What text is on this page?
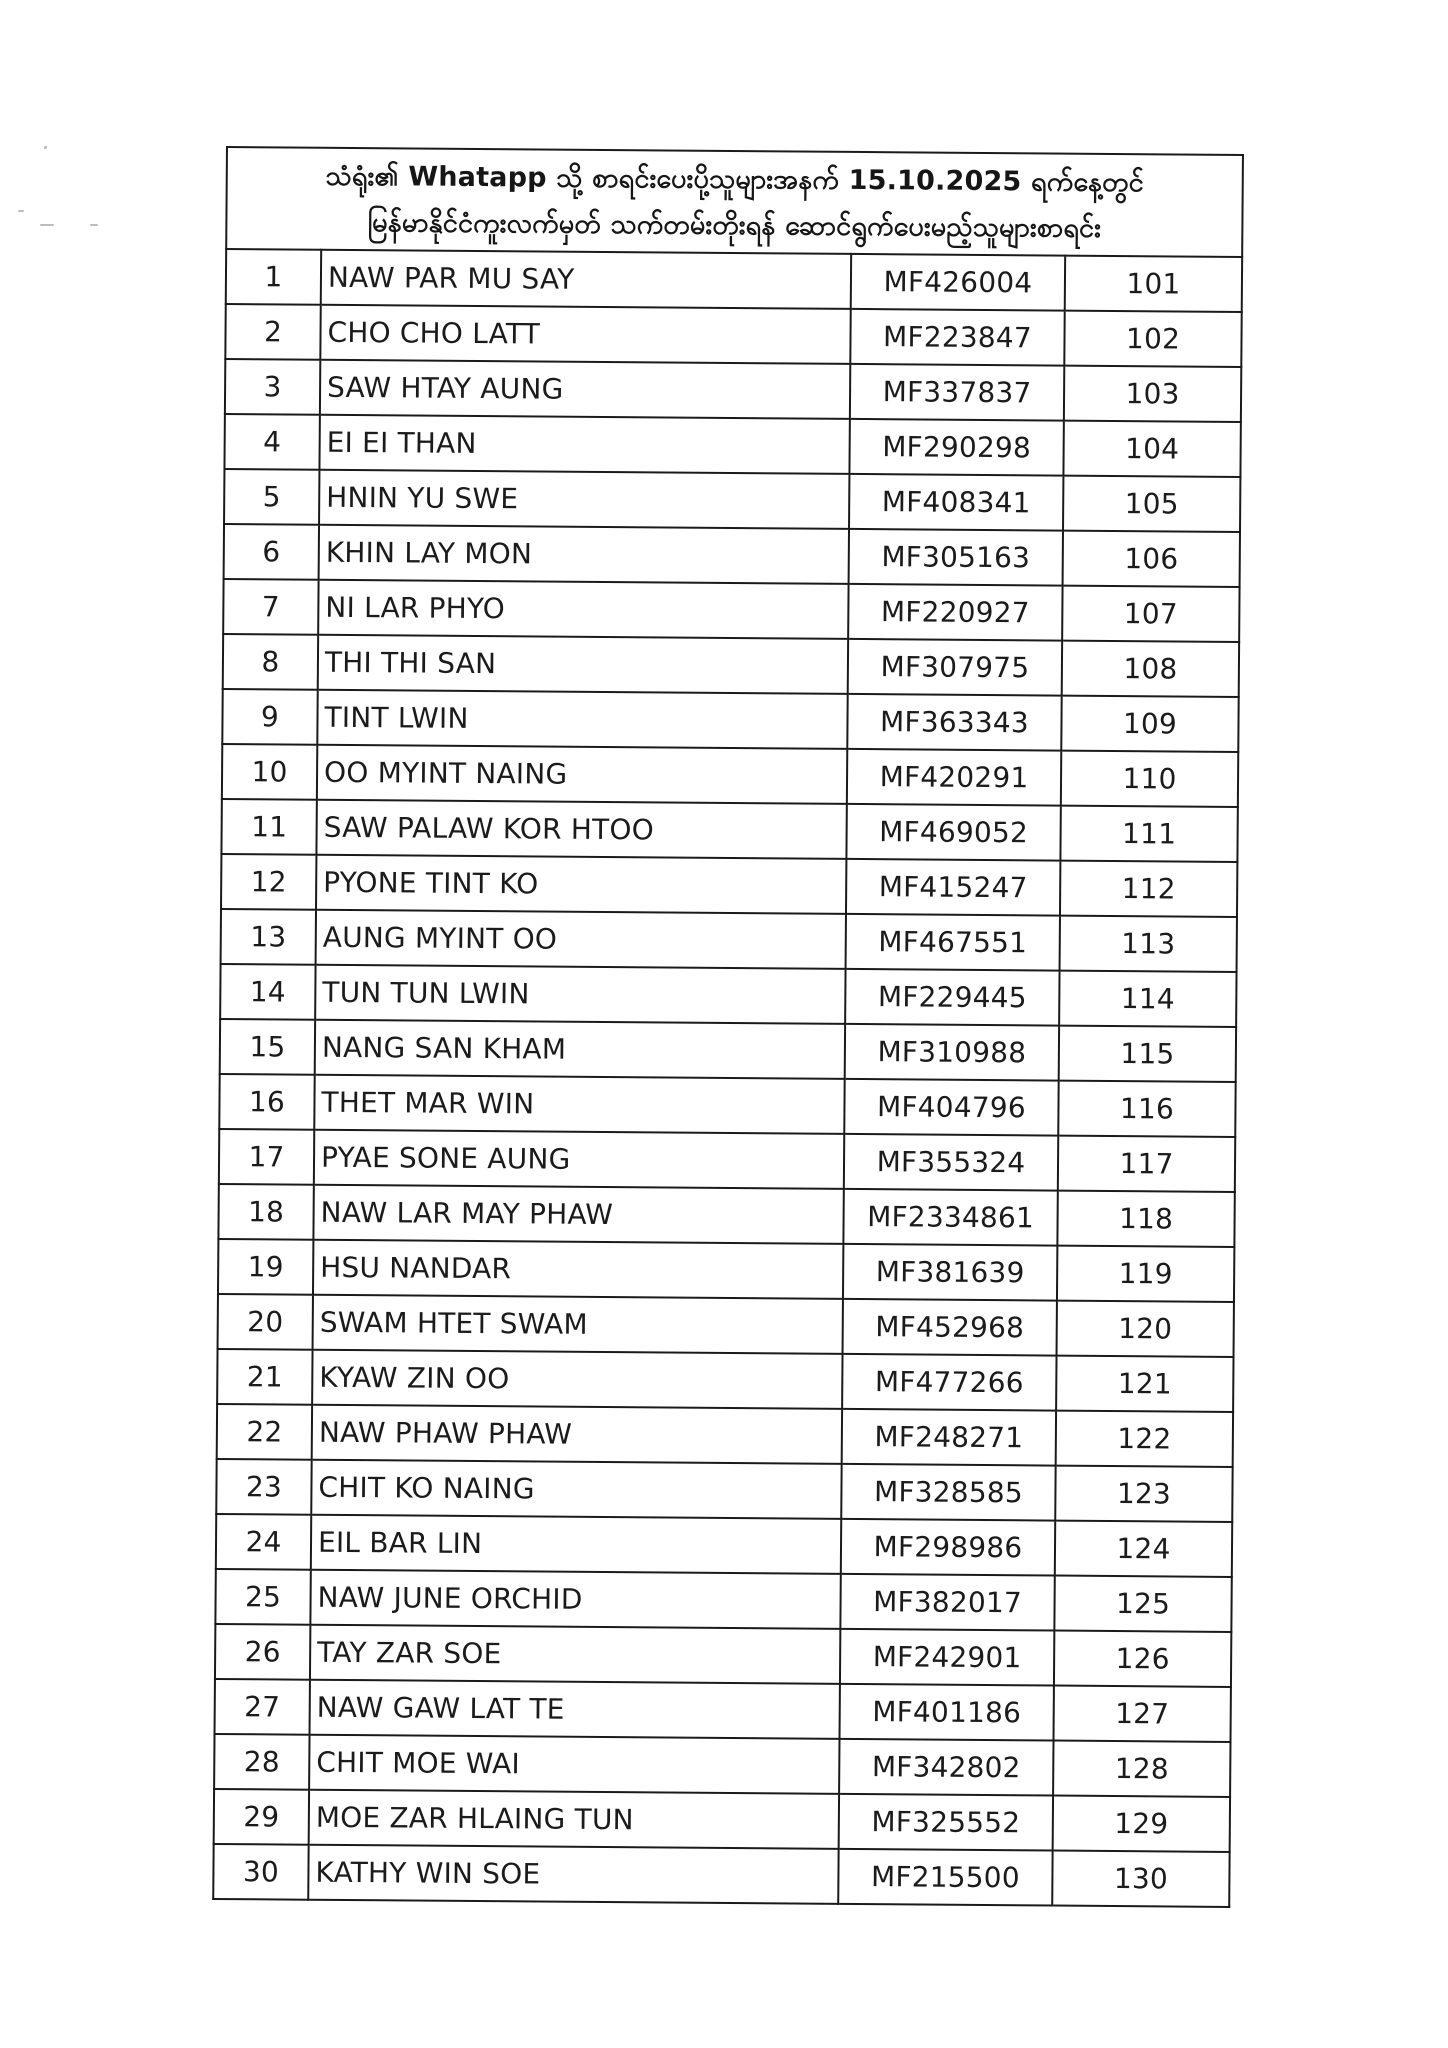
သံရုံး၏ Whatapp သို့ စာရင်းပေးပို့သူများအနက် 15.10.2025 ရက်နေ့တွင်
မြန်မာနိုင်ငံကူးလက်မှတ် သက်တမ်းတိုးရန် ဆောင်ရွက်ပေးမည့်သူများစာရင်း			

1	NAW PAR MU SAY	MF426004	101
2	CHO CHO LATT	MF223847	102
3	SAW HTAY AUNG	MF337837	103
4	EI EI THAN	MF290298	104
5	HNIN YU SWE	MF408341	105
6	KHIN LAY MON	MF305163	106
7	NI LAR PHYO	MF220927	107
8	THI THI SAN	MF307975	108
9	TINT LWIN	MF363343	109
10	OO MYINT NAING	MF420291	110
11	SAW PALAW KOR HTOO	MF469052	111
12	PYONE TINT KO	MF415247	112
13	AUNG MYINT OO	MF467551	113
14	TUN TUN LWIN	MF229445	114
15	NANG SAN KHAM	MF310988	115
16	THET MAR WIN	MF404796	116
17	PYAE SONE AUNG	MF355324	117
18	NAW LAR MAY PHAW	MF2334861	118
19	HSU NANDAR	MF381639	119
20	SWAM HTET SWAM	MF452968	120
21	KYAW ZIN OO	MF477266	121
22	NAW PHAW PHAW	MF248271	122
23	CHIT KO NAING	MF328585	123
24	EIL BAR LIN	MF298986	124
25	NAW JUNE ORCHID	MF382017	125
26	TAY ZAR SOE	MF242901	126
27	NAW GAW LAT TE	MF401186	127
28	CHIT MOE WAI	MF342802	128
29	MOE ZAR HLAING TUN	MF325552	129
30	KATHY WIN SOE	MF215500	130
